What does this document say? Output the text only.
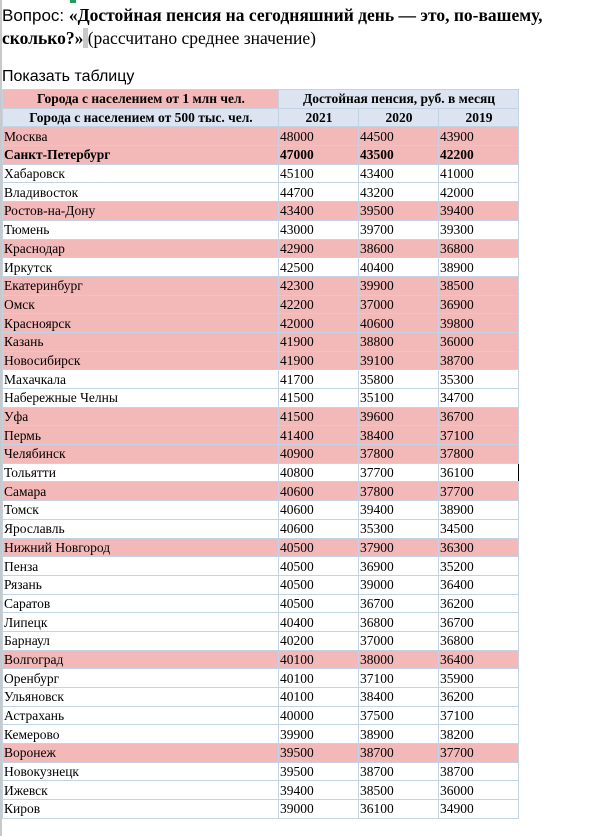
Вопрос: «Достойная пенсия на сегодняшний день — это, по-вашему, сколько?» (рассчитано среднее значение)
Показать таблицу
Города с населением от 1 млн чел.	Достойная пенсия, руб. в месяц		
Города с населением от 500 тыс. чел.	2021	2020	2019
Москва	48000	44500	43900
Санкт-Петербург	47000	43500	42200
Хабаровск	45100	43400	41000
Владивосток	44700	43200	42000
Ростов-на-Дону	43400	39500	39400
Тюмень	43000	39700	39300
Краснодар	42900	38600	36800
Иркутск	42500	40400	38900
Екатеринбург	42300	39900	38500
Омск	42200	37000	36900
Красноярск	42000	40600	39800
Казань	41900	38800	36000
Новосибирск	41900	39100	38700
Махачкала	41700	35800	35300
Набережные Челны	41500	35100	34700
Уфа	41500	39600	36700
Пермь	41400	38400	37100
Челябинск	40900	37800	37800
Тольятти	40800	37700	36100
Самара	40600	37800	37700
Томск	40600	39400	38900
Ярославль	40600	35300	34500
Нижний Новгород	40500	37900	36300
Пенза	40500	36900	35200
Рязань	40500	39000	36400
Саратов	40500	36700	36200
Липецк	40400	36800	36700
Барнаул	40200	37000	36800
Волгоград	40100	38000	36400
Оренбург	40100	37100	35900
Ульяновск	40100	38400	36200
Астрахань	40000	37500	37100
Кемерово	39900	38900	38200
Воронеж	39500	38700	37700
Новокузнецк	39500	38700	38700
Ижевск	39400	38500	36000
Киров	39000	36100	34900
